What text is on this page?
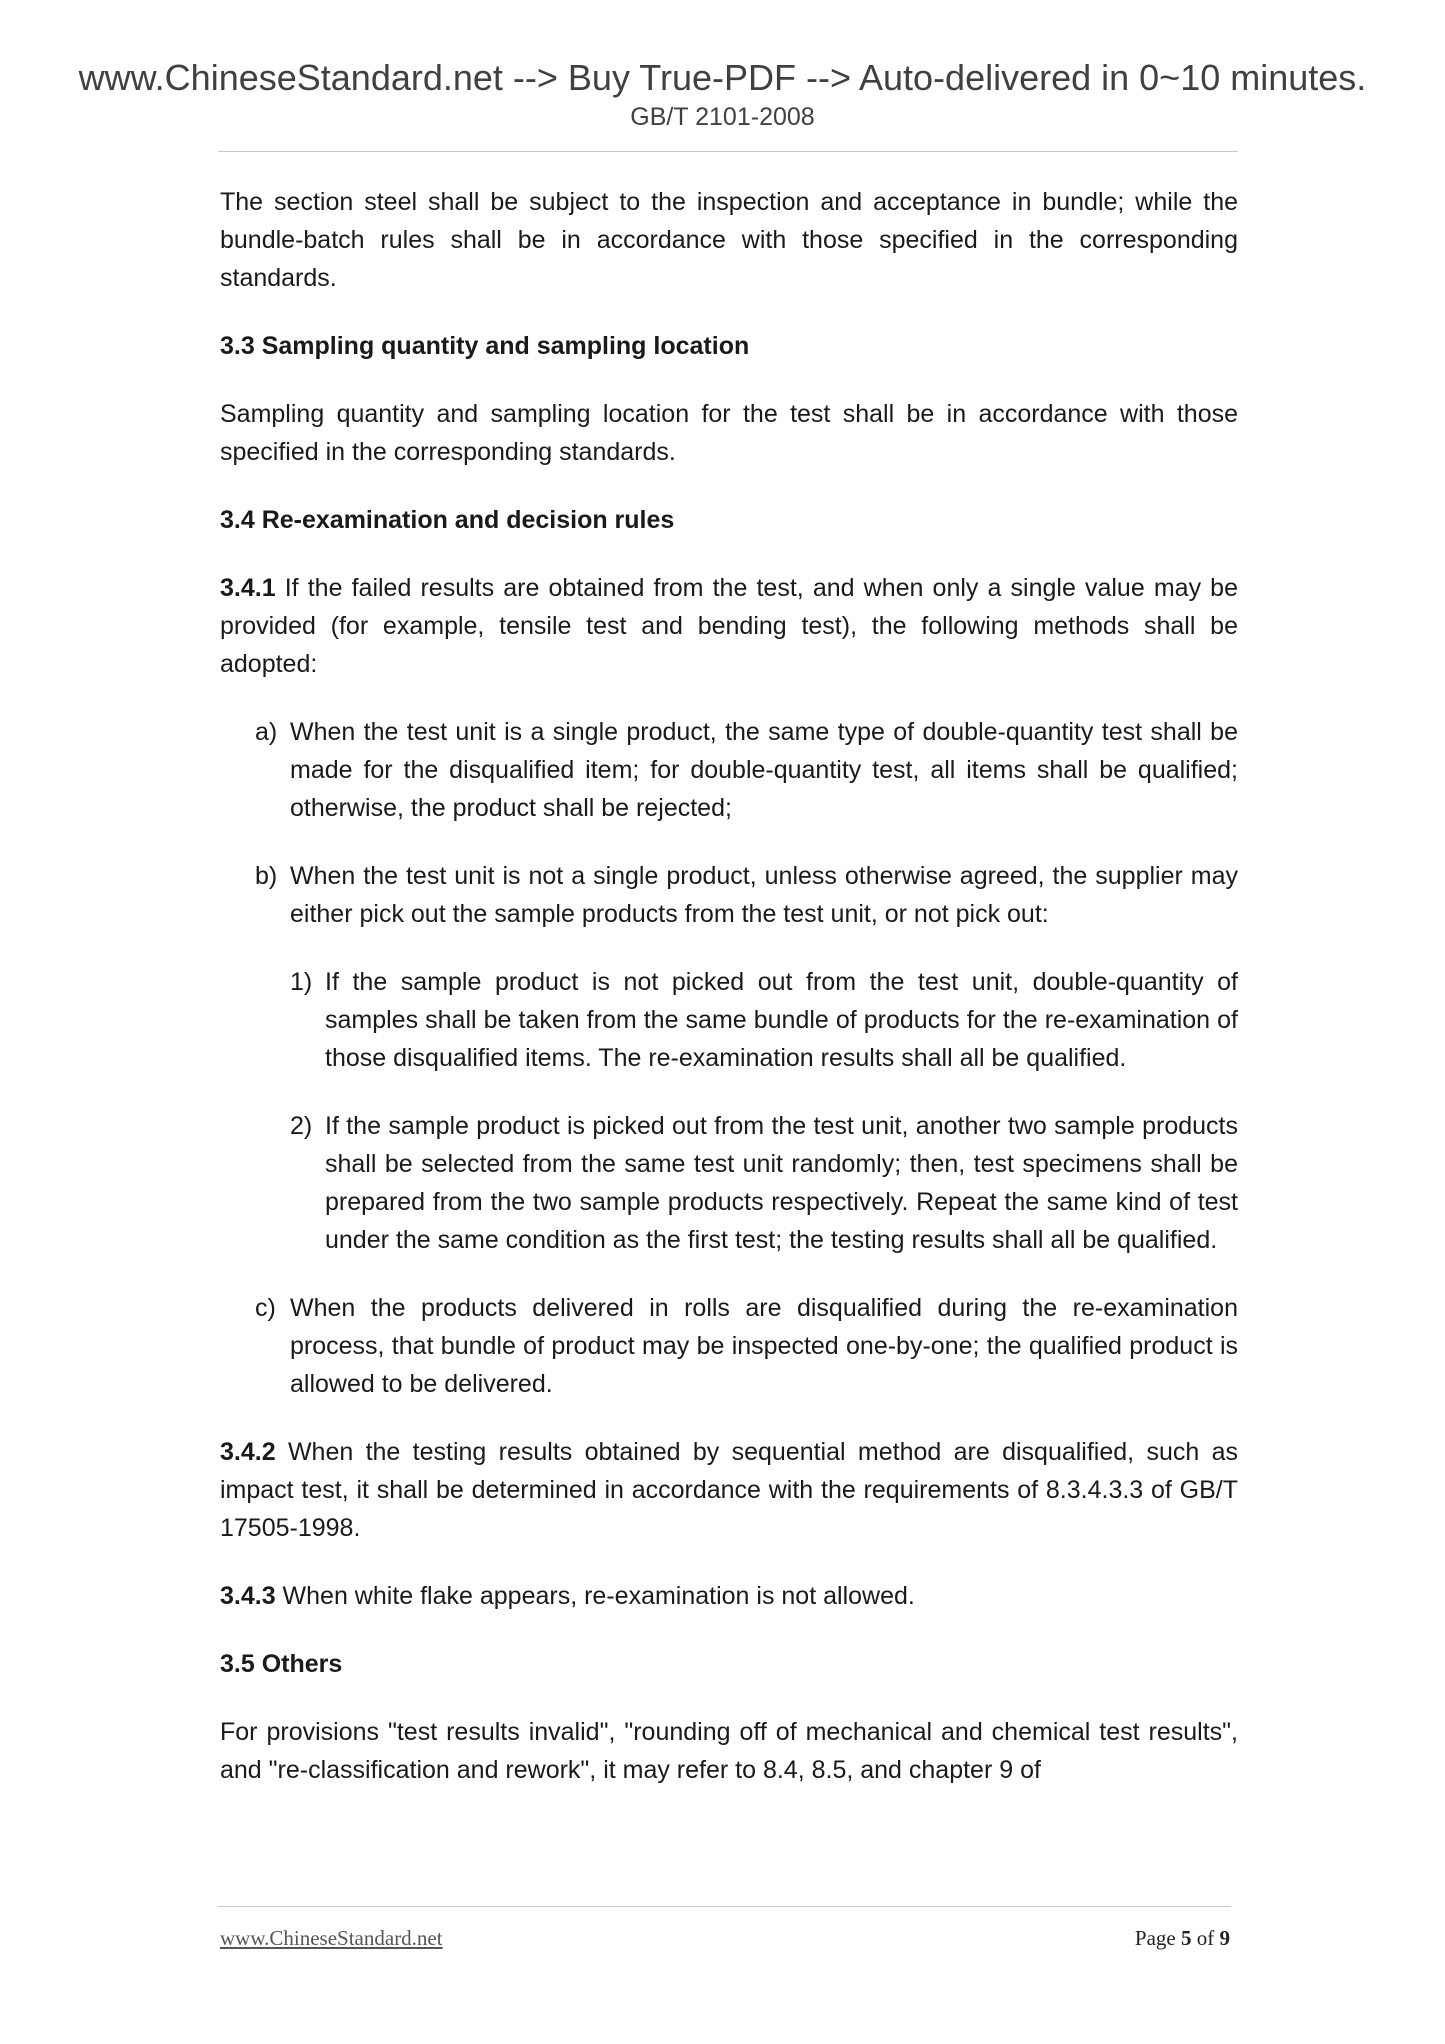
www.ChineseStandard.net --> Buy True-PDF --> Auto-delivered in 0~10 minutes.
GB/T 2101-2008

The section steel shall be subject to the inspection and acceptance in bundle; while the bundle-batch rules shall be in accordance with those specified in the corresponding standards.

3.3 Sampling quantity and sampling location

Sampling quantity and sampling location for the test shall be in accordance with those specified in the corresponding standards.

3.4 Re-examination and decision rules

3.4.1 If the failed results are obtained from the test, and when only a single value may be provided (for example, tensile test and bending test), the following methods shall be adopted:

a) When the test unit is a single product, the same type of double-quantity test shall be made for the disqualified item; for double-quantity test, all items shall be qualified; otherwise, the product shall be rejected;
b) When the test unit is not a single product, unless otherwise agreed, the supplier may either pick out the sample products from the test unit, or not pick out:
1) If the sample product is not picked out from the test unit, double-quantity of samples shall be taken from the same bundle of products for the re-examination of those disqualified items. The re-examination results shall all be qualified.
2) If the sample product is picked out from the test unit, another two sample products shall be selected from the same test unit randomly; then, test specimens shall be prepared from the two sample products respectively. Repeat the same kind of test under the same condition as the first test; the testing results shall all be qualified.
c) When the products delivered in rolls are disqualified during the re-examination process, that bundle of product may be inspected one-by-one; the qualified product is allowed to be delivered.

3.4.2 When the testing results obtained by sequential method are disqualified, such as impact test, it shall be determined in accordance with the requirements of 8.3.4.3.3 of GB/T 17505-1998.

3.4.3 When white flake appears, re-examination is not allowed.

3.5 Others

For provisions "test results invalid", "rounding off of mechanical and chemical test results", and "re-classification and rework", it may refer to 8.4, 8.5, and chapter 9 of

www.ChineseStandard.net	Page 5 of 9
